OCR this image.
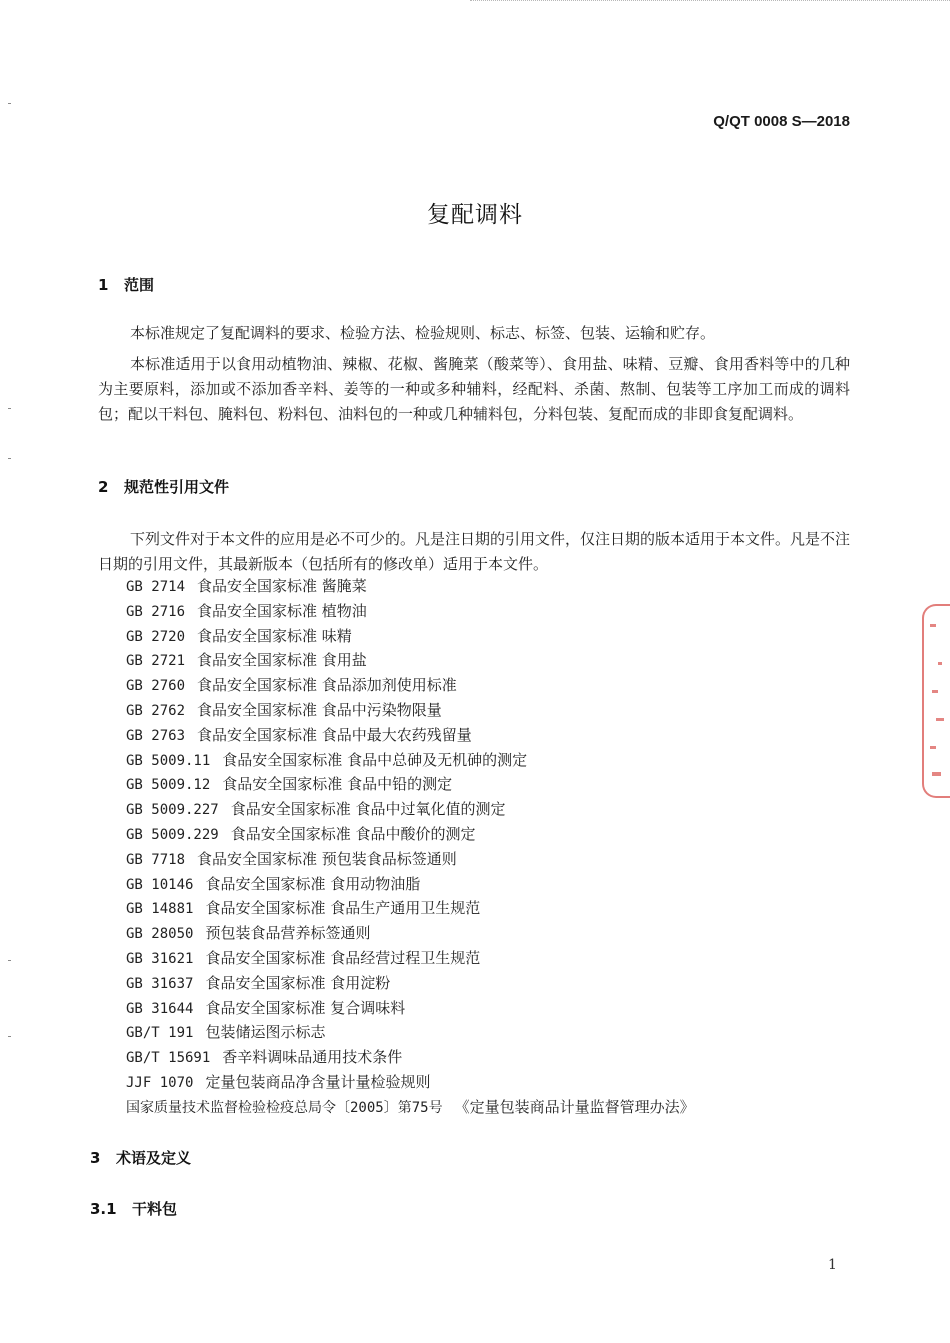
Q/QT 0008 S—2018
复配调料
1 范围
本标准规定了复配调料的要求、检验方法、检验规则、标志、标签、包装、运输和贮存。
本标准适用于以食用动植物油、辣椒、花椒、酱腌菜（酸菜等）、食用盐、味精、豆瓣、食用香料等中的几种为主要原料，添加或不添加香辛料、姜等的一种或多种辅料，经配料、杀菌、熬制、包装等工序加工而成的调料包；配以干料包、腌料包、粉料包、油料包的一种或几种辅料包，分料包装、复配而成的非即食复配调料。
2 规范性引用文件
下列文件对于本文件的应用是必不可少的。凡是注日期的引用文件，仅注日期的版本适用于本文件。凡是不注日期的引用文件，其最新版本（包括所有的修改单）适用于本文件。
GB 2714 食品安全国家标准 酱腌菜
GB 2716 食品安全国家标准 植物油
GB 2720 食品安全国家标准 味精
GB 2721 食品安全国家标准 食用盐
GB 2760 食品安全国家标准 食品添加剂使用标准
GB 2762 食品安全国家标准 食品中污染物限量
GB 2763 食品安全国家标准 食品中最大农药残留量
GB 5009.11 食品安全国家标准 食品中总砷及无机砷的测定
GB 5009.12 食品安全国家标准 食品中铅的测定
GB 5009.227 食品安全国家标准 食品中过氧化值的测定
GB 5009.229 食品安全国家标准 食品中酸价的测定
GB 7718 食品安全国家标准 预包装食品标签通则
GB 10146 食品安全国家标准 食用动物油脂
GB 14881 食品安全国家标准 食品生产通用卫生规范
GB 28050 预包装食品营养标签通则
GB 31621 食品安全国家标准 食品经营过程卫生规范
GB 31637 食品安全国家标准 食用淀粉
GB 31644 食品安全国家标准 复合调味料
GB/T 191 包装储运图示标志
GB/T 15691 香辛料调味品通用技术条件
JJF 1070 定量包装商品净含量计量检验规则
国家质量技术监督检验检疫总局令〔2005〕第75号 《定量包装商品计量监督管理办法》
3 术语及定义
3.1 干料包
1
